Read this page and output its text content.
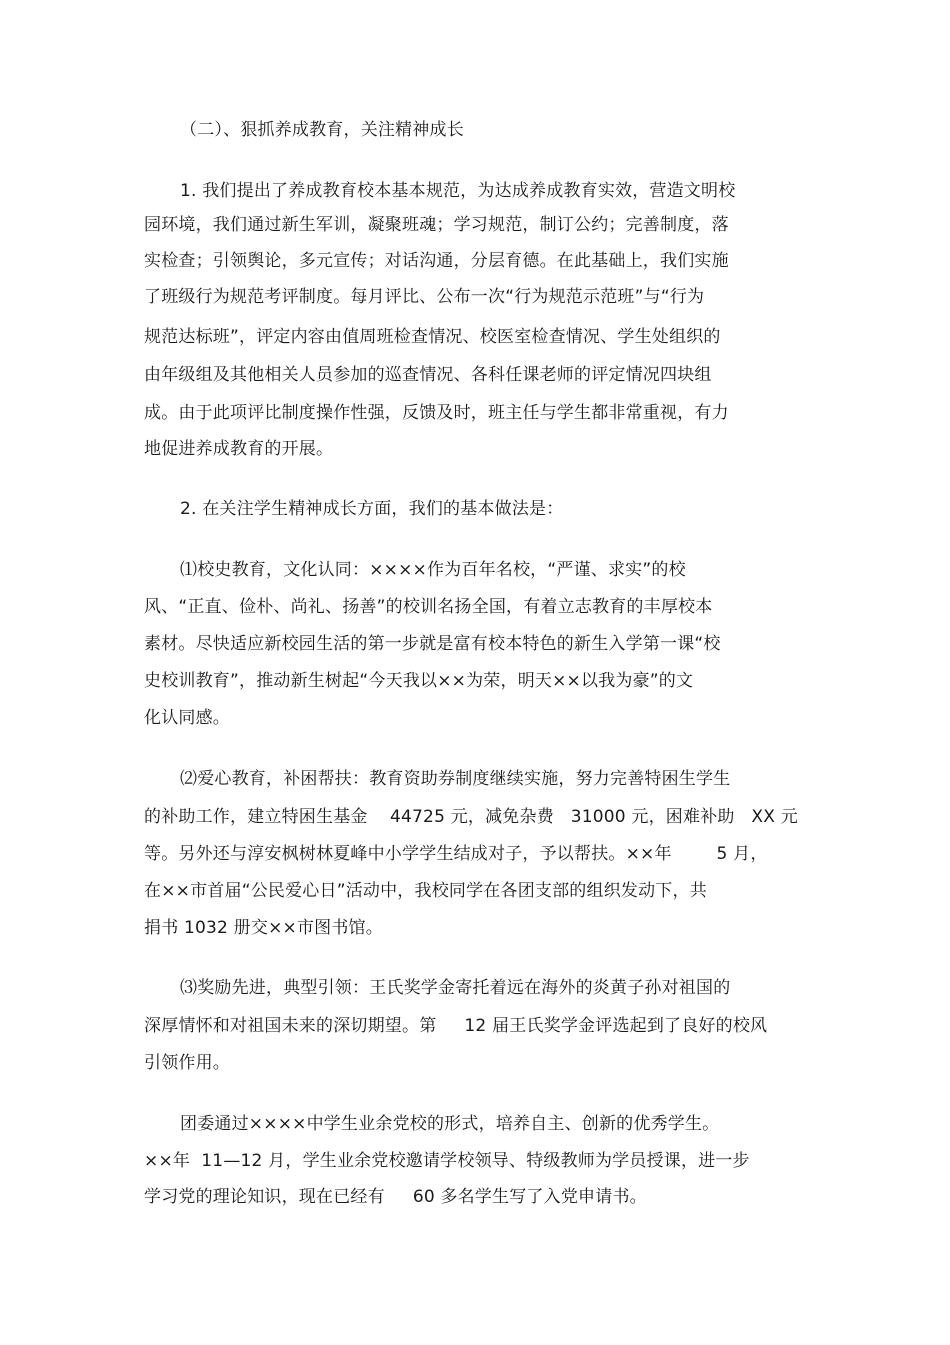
（二）、狠抓养成教育，关注精神成长
1. 我们提出了养成教育校本基本规范，为达成养成教育实效，营造文明校
园环境，我们通过新生军训，凝聚班魂；学习规范，制订公约；完善制度，落
实检查；引领舆论，多元宣传；对话沟通，分层育德。在此基础上，我们实施
了班级行为规范考评制度。每月评比、公布一次“行为规范示范班”与“行为
规范达标班”，评定内容由值周班检查情况、校医室检查情况、学生处组织的
由年级组及其他相关人员参加的巡查情况、各科任课老师的评定情况四块组
成。由于此项评比制度操作性强，反馈及时，班主任与学生都非常重视，有力
地促进养成教育的开展。
2. 在关注学生精神成长方面，我们的基本做法是：
⑴校史教育，文化认同：××××作为百年名校，“严谨、求实”的校
风、“正直、俭朴、尚礼、扬善”的校训名扬全国，有着立志教育的丰厚校本
素材。尽快适应新校园生活的第一步就是富有校本特色的新生入学第一课“校
史校训教育”，推动新生树起“今天我以××为荣，明天××以我为豪”的文
化认同感。
⑵爱心教育，补困帮扶：教育资助券制度继续实施，努力完善特困生学生
的补助工作，建立特困生基金    44725 元，减免杂费   31000 元，困难补助   XX 元
等。另外还与淳安枫树林夏峰中小学学生结成对子，予以帮扶。××年        5 月，
在××市首届“公民爱心日”活动中，我校同学在各团支部的组织发动下，共
捐书 1032 册交××市图书馆。
⑶奖励先进，典型引领：王氏奖学金寄托着远在海外的炎黄子孙对祖国的
深厚情怀和对祖国未来的深切期望。第     12 届王氏奖学金评选起到了良好的校风
引领作用。
团委通过××××中学生业余党校的形式，培养自主、创新的优秀学生。
××年  11—12 月，学生业余党校邀请学校领导、特级教师为学员授课，进一步
学习党的理论知识，现在已经有     60 多名学生写了入党申请书。
